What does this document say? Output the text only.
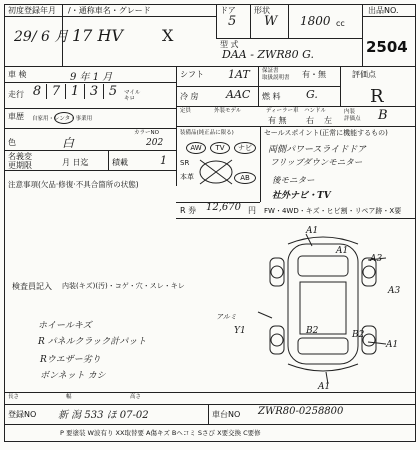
初度登録年月 /・通称車名・グレード
29/ 6 月 17 HV X
ドア
5
形状
W 1800 cc
型 式
DAA - ZWR80 G.
出品NO.
2504
車 検	9 年 1 月
走行 8 7 1 3 5	マイル キロ
車歴 自家用・レンタ・事業用
カラーNO
色	白	202
名義変更期限	月 日迄	積載	1
注意事項(欠品·修復·不具合箇所の状態)
シフト 1AT 保証書
取扱説明書 有・無	評価点
冷 房 AAC 燃 料 G.	R
定員	外装モデル	ディーラー車
有 無
ハンドル
右 左
内装
評価点 B
装備品(純正品に限る)
AW	TV	ナビ
SR
本革	AB
R 券 12,670 円 FW・4WD・キズ・ヒビ割・リペア跡・X要
セールスポイント(正常に機能するもの)
両側パワースライドドア
フリップダウンモニター
後モニター
社外ナビ・TV
検査員記入 内装(キズ)(汚)・コゲ・穴・スレ・キレ
ホイールキズ
R パネルクラック計パット
Rウエザー劣り
ボンネット カシ
A1
A1
A3
A3
B2	B2
A1
Y1
アルミ
A1
長さ	幅	高さ
登録NO 新 潟 533 ほ 07-02	車台NO ZWR80-0258800
P 要塗装 W波有り XX取替要 A傷キズ Bヘコミ Sさび X要交換 C要修
